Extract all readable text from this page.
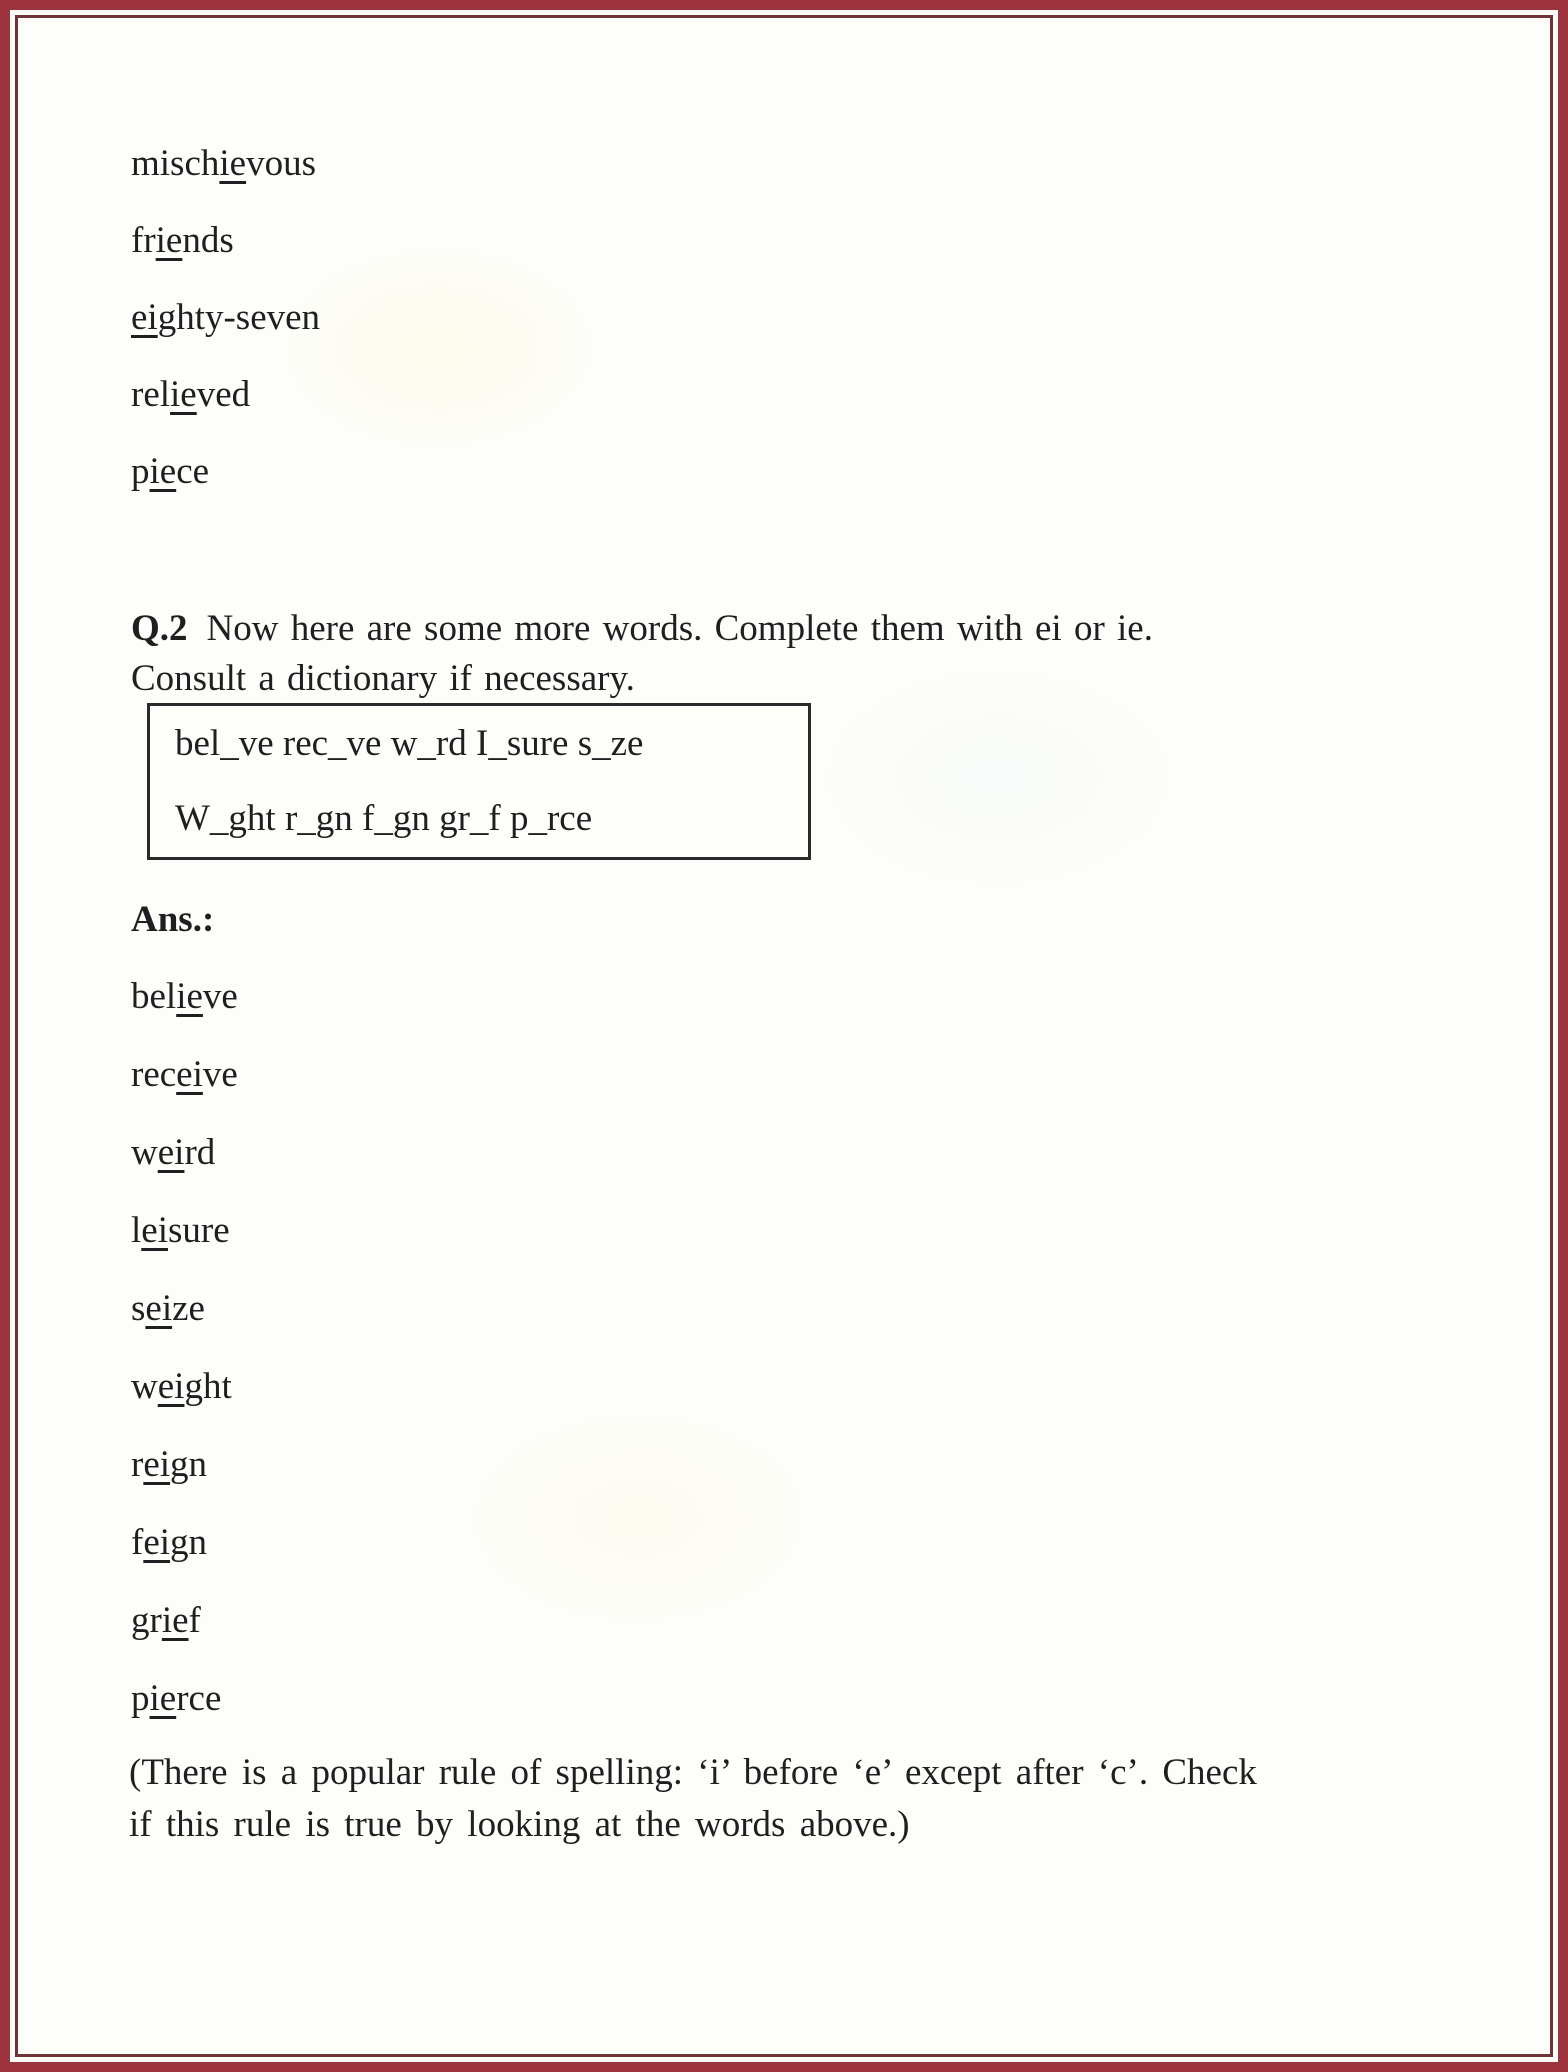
mischievous
friends
eighty-seven
relieved
piece
Q.2 Now here are some more words. Complete them with ei or ie.
Consult a dictionary if necessary.
bel_ve rec_ve w_rd I_sure s_ze
W_ght r_gn f_gn gr_f p_rce
Ans.:
believe
receive
weird
leisure
seize
weight
reign
feign
grief
pierce
(There is a popular rule of spelling: ‘i’ before ‘e’ except after ‘c’. Check
if this rule is true by looking at the words above.)
